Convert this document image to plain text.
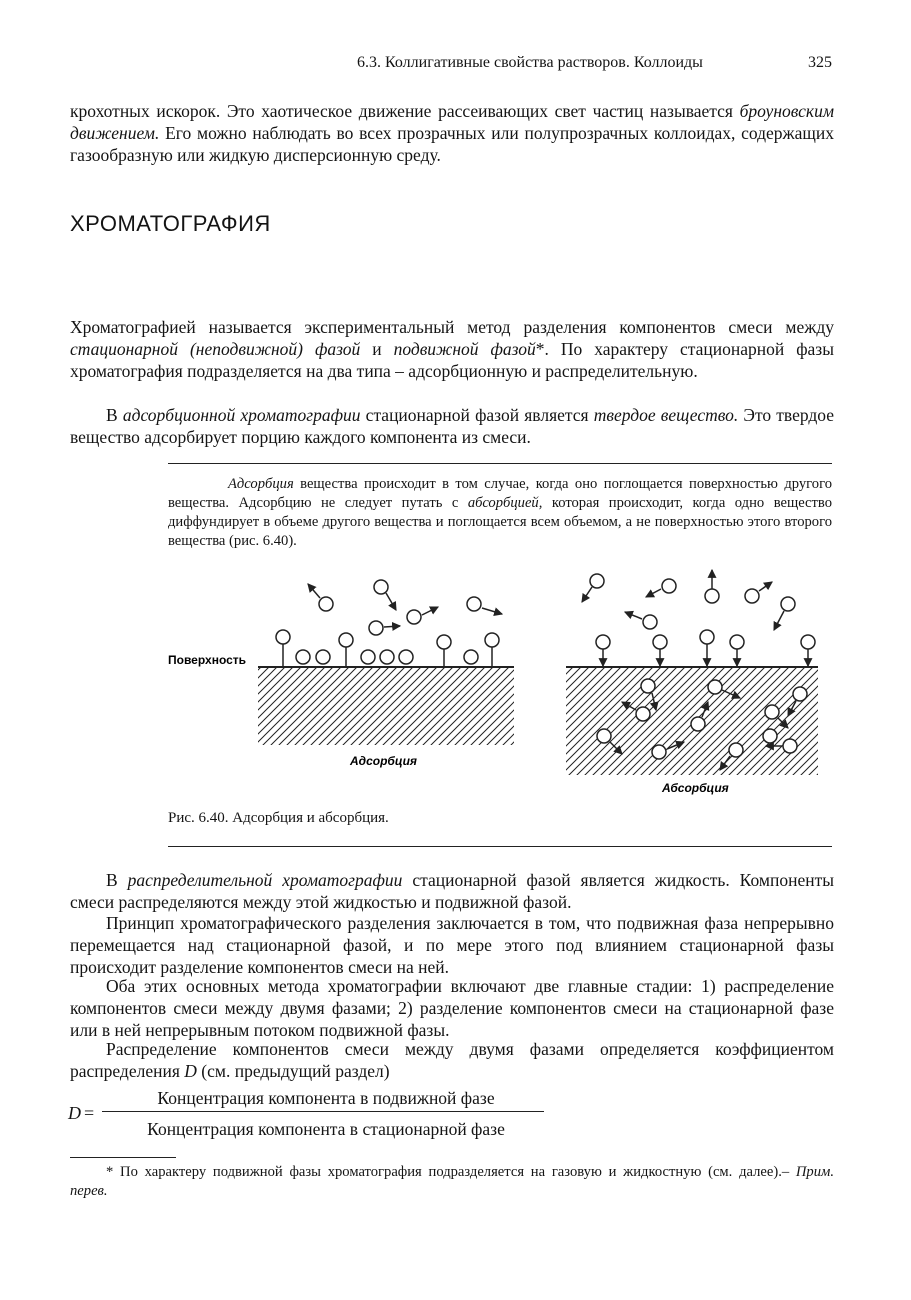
6.3. Коллигативные свойства растворов. Коллоиды	325

крохотных искорок. Это хаотическое движение рассеивающих свет частиц называется броуновским движением. Его можно наблюдать во всех прозрачных или полупрозрачных коллоидах, содержащих газообразную или жидкую дисперсионную среду.

ХРОМАТОГРАФИЯ

Хроматографией называется экспериментальный метод разделения компонентов смеси между стационарной (неподвижной) фазой и подвижной фазой*. По характеру стационарной фазы хроматография подразделяется на два типа – адсорбционную и распределительную.

В адсорбционной хроматографии стационарной фазой является твердое вещество. Это твердое вещество адсорбирует порцию каждого компонента из смеси.

Адсорбция вещества происходит в том случае, когда оно поглощается поверхностью другого вещества. Адсорбцию не следует путать с абсорбцией, которая происходит, когда одно вещество диффундирует в объеме другого вещества и поглощается всем объемом, а не поверхностью этого второго вещества (рис. 6.40).

Поверхность
Адсорбция
Абсорбция
Рис. 6.40. Адсорбция и абсорбция.

В распределительной хроматографии стационарной фазой является жидкость. Компоненты смеси распределяются между этой жидкостью и подвижной фазой.

Принцип хроматографического разделения заключается в том, что подвижная фаза непрерывно перемещается над стационарной фазой, и по мере этого под влиянием стационарной фазы происходит разделение компонентов смеси на ней.

Оба этих основных метода хроматографии включают две главные стадии: 1) распределение компонентов смеси между двумя фазами; 2) разделение компонентов смеси на стационарной фазе или в ней непрерывным потоком подвижной фазы.

Распределение компонентов смеси между двумя фазами определяется коэффициентом распределения D (см. предыдущий раздел)

D =
Концентрация компонента в подвижной фазе
Концентрация компонента в стационарной фазе

* По характеру подвижной фазы хроматография подразделяется на газовую и жидкостную (см. далее).– Прим. перев.
